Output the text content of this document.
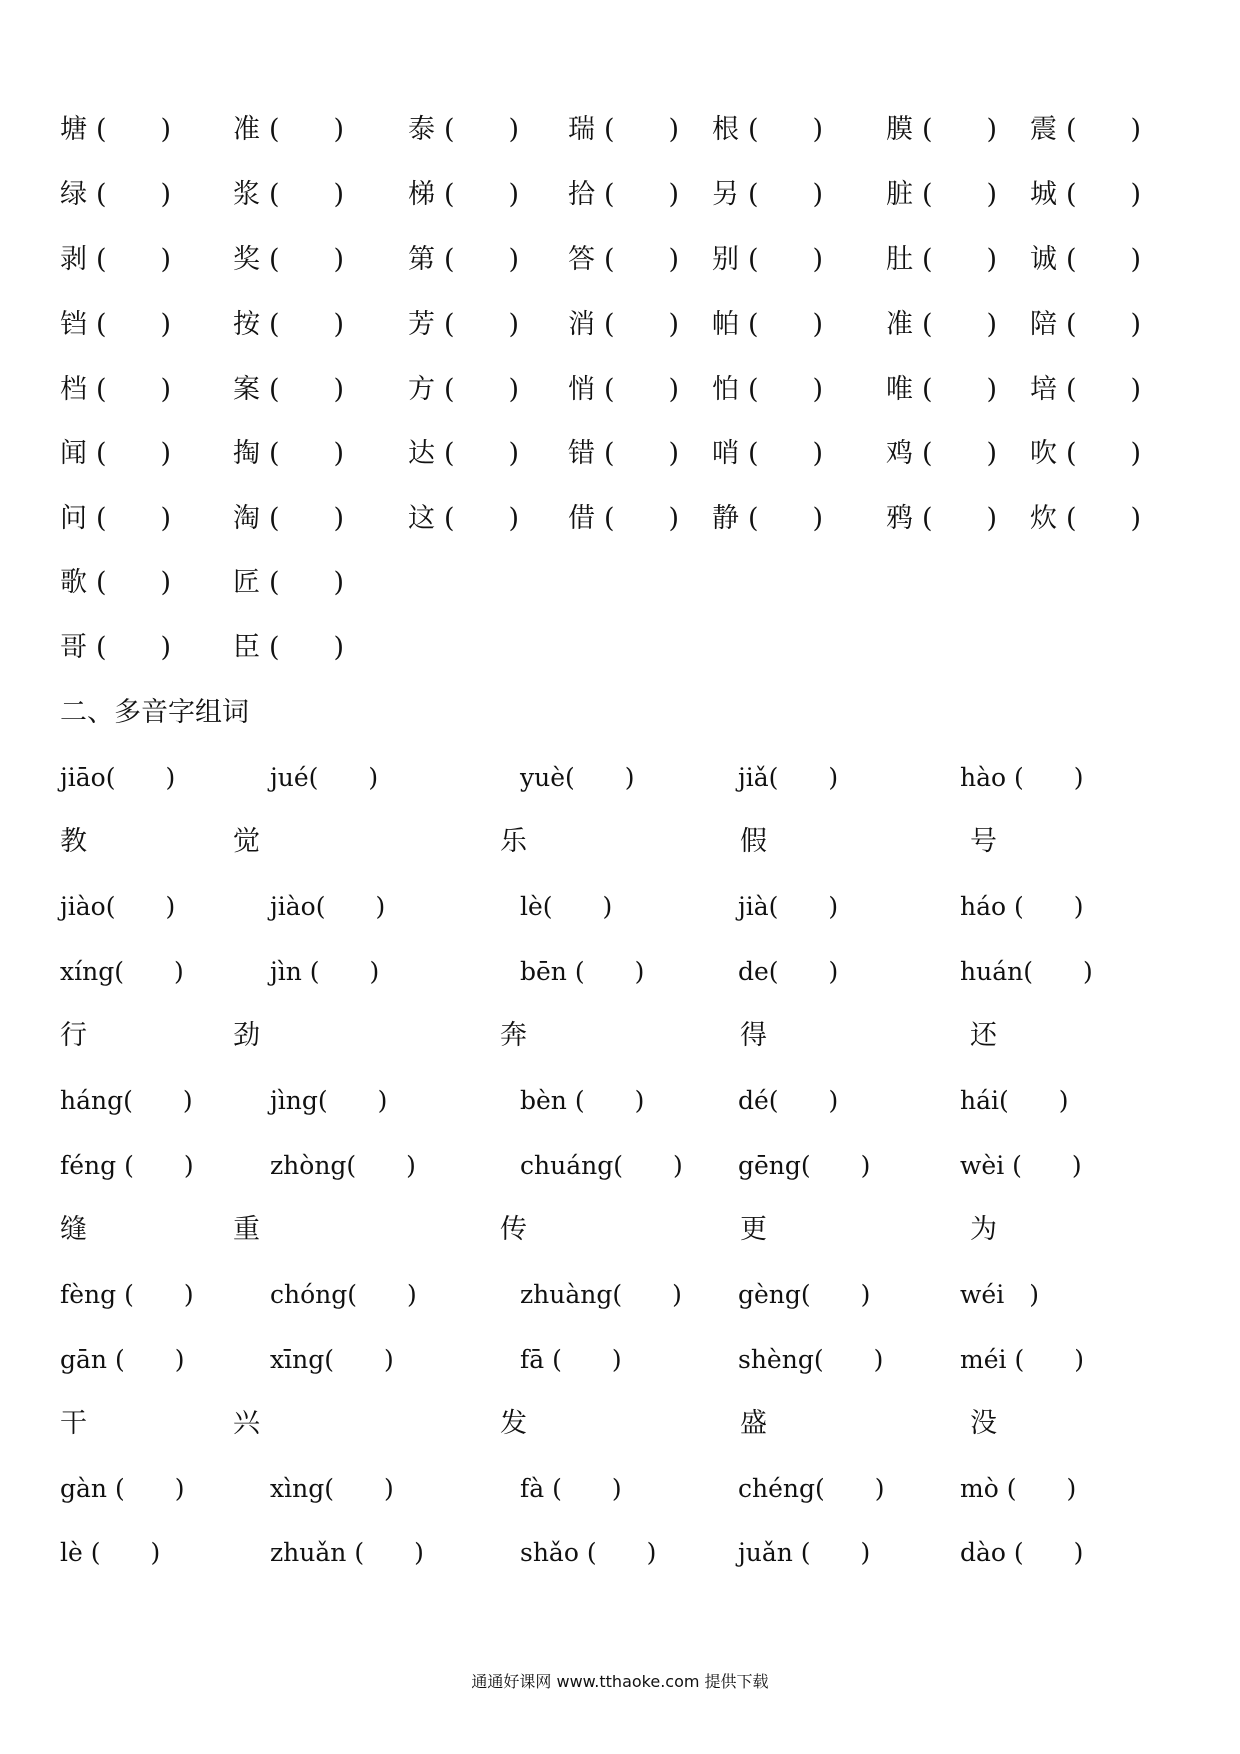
塘 (　　) 准 (　　) 泰 (　　) 瑞 (　　) 根 (　　) 膜 (　　) 震 (　　)
绿 (　　) 浆 (　　) 梯 (　　) 拾 (　　) 另 (　　) 脏 (　　) 城 (　　)
剥 (　　) 奖 (　　) 第 (　　) 答 (　　) 别 (　　) 肚 (　　) 诚 (　　)
铛 (　　) 按 (　　) 芳 (　　) 消 (　　) 帕 (　　) 准 (　　) 陪 (　　)
档 (　　) 案 (　　) 方 (　　) 悄 (　　) 怕 (　　) 唯 (　　) 培 (　　)
闻 (　　) 掏 (　　) 达 (　　) 错 (　　) 哨 (　　) 鸡 (　　) 吹 (　　)
问 (　　) 淘 (　　) 这 (　　) 借 (　　) 静 (　　) 鸦 (　　) 炊 (　　)
歌 (　　) 匠 (　　)
哥 (　　) 臣 (　　)
二、多音字组词
jiāo(　　)	jué(　　)	yuè(　　)	jiǎ(　　)	hào (　　)
教	觉	乐	假	号
jiào(　　)	jiào(　　)	lè(　　)	jià(　　)	háo (　　)
xíng(　　)	jìn (　　)	bēn (　　)	de(　　)	huán(　　)
行	劲	奔	得	还
háng(　　)	jìng(　　)	bèn (　　)	dé(　　)	hái(　　)
féng (　　)	zhòng(　　)	chuáng(　　) gēng(　　)	wèi (　　)
缝	重	传	更	为
fèng (　　)	chóng(　　)	zhuàng(　　) gèng(　　)	wéi　)
gān (　　)	xīng(　　)	fā (　　)	shèng(　　)	méi (　　)
干	兴	发	盛	没
gàn (　　)	xìng(　　)	fà (　　)	chéng(　　)	mò (　　)
lè (　　)	zhuǎn (　　)	shǎo (　　)	juǎn (　　)	dào (　　)
通通好课网 www.tthaoke.com 提供下载
